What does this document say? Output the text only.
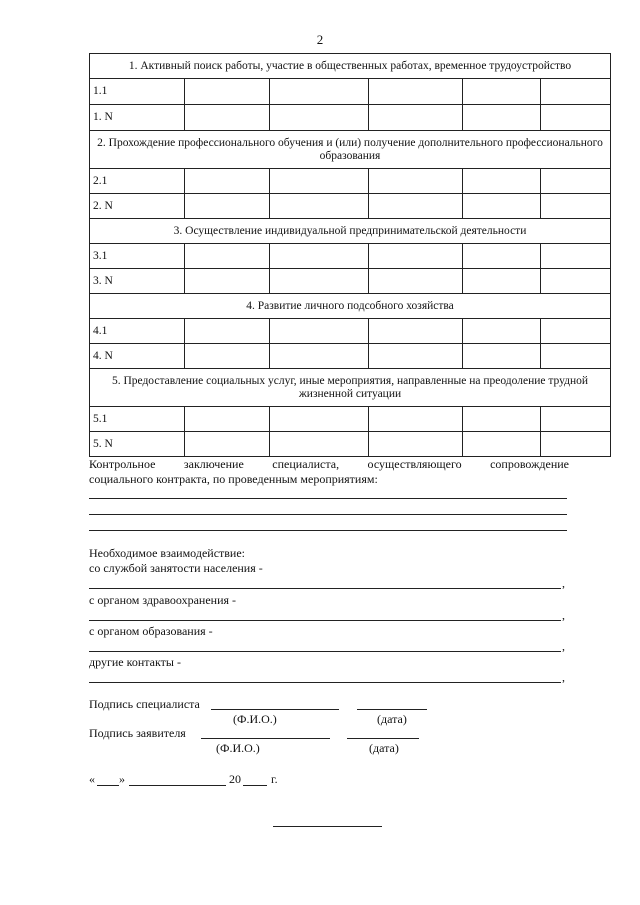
2
1. Активный поиск работы, участие в общественных работах, временное трудоустройство					
1.1					
1. N					
2. Прохождение профессионального обучения и (или) получение дополнительного профессионального образования					
2.1					
2. N					
3. Осуществление индивидуальной предпринимательской деятельности					
3.1					
3. N					
4. Развитие личного подсобного хозяйства					
4.1					
4. N					
5. Предоставление социальных услуг, иные мероприятия, направленные на преодоление трудной жизненной ситуации					
5.1					
5. N					
Контрольное заключение специалиста, осуществляющего сопровождение
социального контракта, по проведенным мероприятиям:
Необходимое взаимодействие:
со службой занятости населения -
,
с органом здравоохранения -
,
с органом образования -
,
другие контакты -
,
Подпись специалиста
(Ф.И.О.)	(дата)
Подпись заявителя
(Ф.И.О.)	(дата)
« »	20	г.
